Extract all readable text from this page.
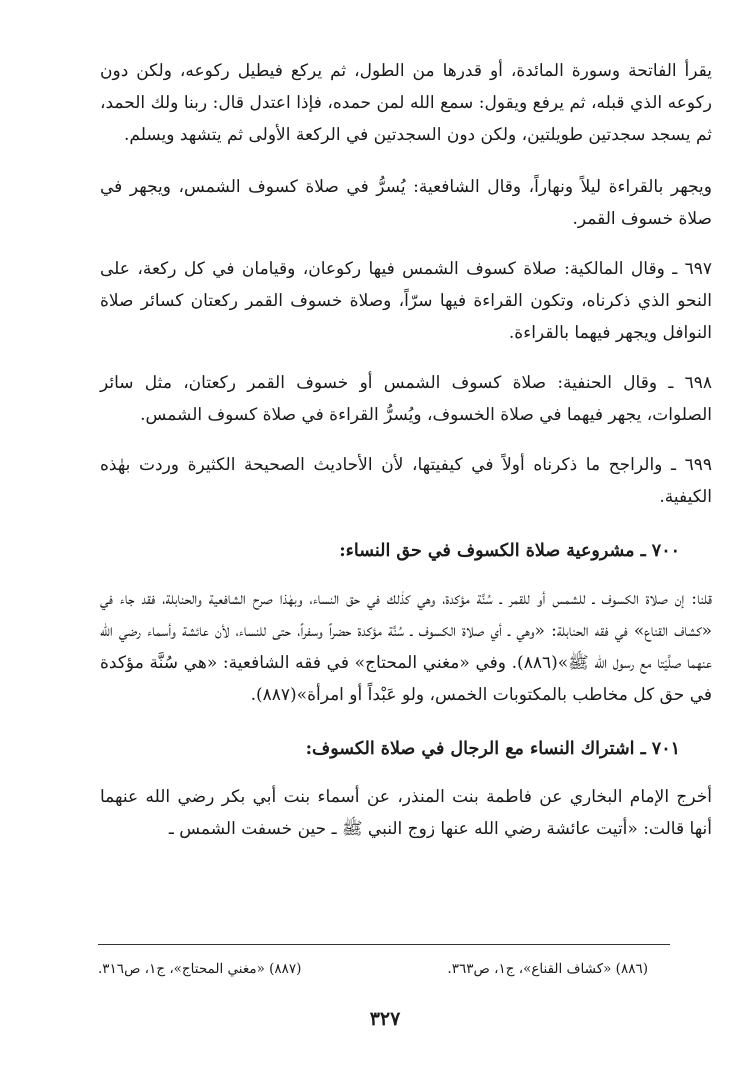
يقرأ الفاتحة وسورة المائدة، أو قدرها من الطول، ثم يركع فيطيل ركوعه، ولكن دون ركوعه الذي قبله، ثم يرفع ويقول: سمع الله لمن حمده، فإذا اعتدل قال: ربنا ولك الحمد، ثم يسجد سجدتين طويلتين، ولكن دون السجدتين في الركعة الأولى ثم يتشهد ويسلم.

ويجهر بالقراءة ليلاً ونهاراً، وقال الشافعية: يُسرُّ في صلاة كسوف الشمس، ويجهر في صلاة خسوف القمر.

٦٩٧ ـ وقال المالكية: صلاة كسوف الشمس فيها ركوعان، وقيامان في كل ركعة، على النحو الذي ذكرناه، وتكون القراءة فيها سرّاً، وصلاة خسوف القمر ركعتان كسائر صلاة النوافل ويجهر فيهما بالقراءة.

٦٩٨ ـ وقال الحنفية: صلاة كسوف الشمس أو خسوف القمر ركعتان، مثل سائر الصلوات، يجهر فيهما في صلاة الخسوف، ويُسرُّ القراءة في صلاة كسوف الشمس.

٦٩٩ ـ والراجح ما ذكرناه أولاً في كيفيتها، لأن الأحاديث الصحيحة الكثيرة وردت بهٰذه الكيفية.

٧٠٠ ـ مشروعية صلاة الكسوف في حق النساء:

قلنا: إن صلاة الكسوف ـ للشمس أو للقمر ـ سُنَّة مؤكدة، وهي كذٰلك في حق النساء، وبهٰذا صرح الشافعية والحنابلة، فقد جاء في «كشاف القناع» في فقه الحنابلة: «وهي ـ أي صلاة الكسوف ـ سُنَّة مؤكدة حضراً وسفراً، حتى للنساء، لأن عائشة وأسماء رضي الله عنهما صلَّيَتا مع رسول الله ﷺ»(٨٨٦). وفي «مغني المحتاج» في فقه الشافعية: «هي سُنَّة مؤكدة في حق كل مخاطب بالمكتوبات الخمس، ولو عَبْداً أو امرأة»(٨٨٧).

٧٠١ ـ اشتراك النساء مع الرجال في صلاة الكسوف:

أخرج الإمام البخاري عن فاطمة بنت المنذر، عن أسماء بنت أبي بكر رضي الله عنهما أنها قالت: «أتيت عائشة رضي الله عنها زوج النبي ﷺ ـ حين خسفت الشمس ـ

(٨٨٦) «كشاف القناع»، ج١، ص٣٦٣.
(٨٨٧) «مغني المحتاج»، ج١، ص٣١٦.
٣٢٧
